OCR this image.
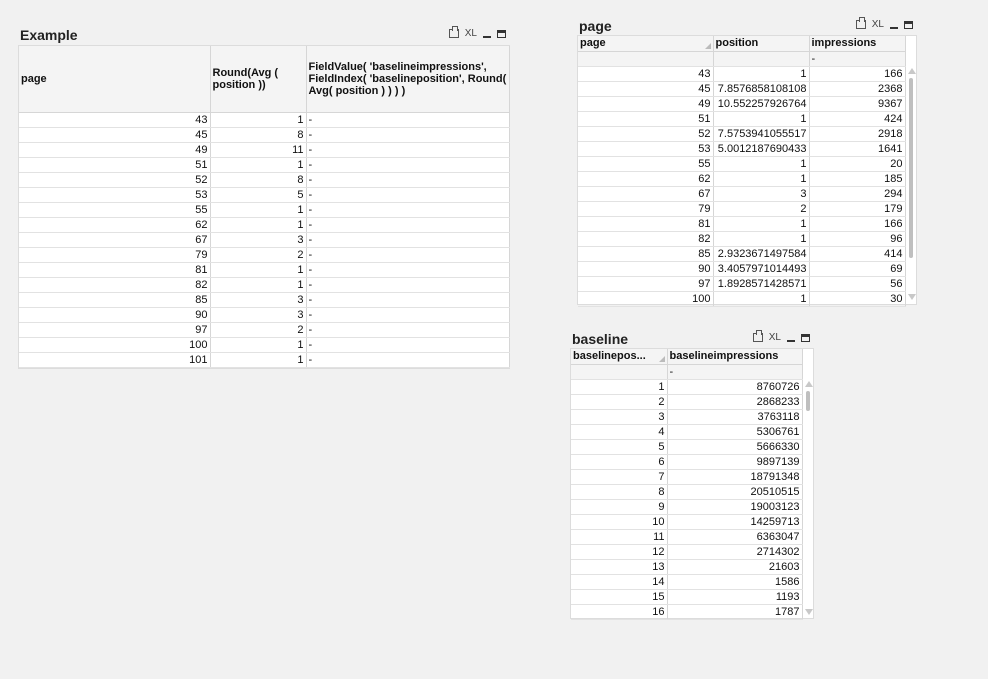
Example	XL
page	Round(Avg ( position ))	FieldValue( 'baselineimpressions', FieldIndex( 'baselineposition', Round( Avg( position ) ) ) )
43	1	-
45	8	-
49	11	-
51	1	-
52	8	-
53	5	-
55	1	-
62	1	-
67	3	-
79	2	-
81	1	-
82	1	-
85	3	-
90	3	-
97	2	-
100	1	-
101	1	-
page	XL
page	position	impressions
		-
43	1	166
45	7.8576858108108	2368
49	10.552257926764	9367
51	1	424
52	7.5753941055517	2918
53	5.0012187690433	1641
55	1	20
62	1	185
67	3	294
79	2	179
81	1	166
82	1	96
85	2.9323671497584	414
90	3.4057971014493	69
97	1.8928571428571	56
100	1	30
baseline	XL
baselinepos...	baselineimpressions
	-
1	8760726
2	2868233
3	3763118
4	5306761
5	5666330
6	9897139
7	18791348
8	20510515
9	19003123
10	14259713
11	6363047
12	2714302
13	21603
14	1586
15	1193
16	1787
